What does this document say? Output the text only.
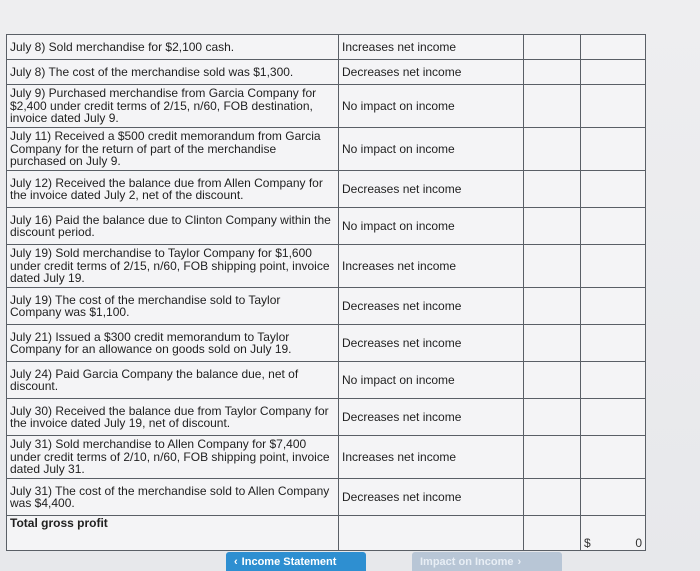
July 8) Sold merchandise for $2,100 cash.	Increases net income		
July 8) The cost of the merchandise sold was $1,300.	Decreases net income		
July 9) Purchased merchandise from Garcia Company for $2,400 under credit terms of 2/15, n/60, FOB destination, invoice dated July 9.	No impact on income		
July 11) Received a $500 credit memorandum from Garcia Company for the return of part of the merchandise purchased on July 9.	No impact on income		
July 12) Received the balance due from Allen Company for the invoice dated July 2, net of the discount.	Decreases net income		
July 16) Paid the balance due to Clinton Company within the discount period.	No impact on income		
July 19) Sold merchandise to Taylor Company for $1,600 under credit terms of 2/15, n/60, FOB shipping point, invoice dated July 19.	Increases net income		
July 19) The cost of the merchandise sold to Taylor Company was $1,100.	Decreases net income		
July 21) Issued a $300 credit memorandum to Taylor Company for an allowance on goods sold on July 19.	Decreases net income		
July 24) Paid Garcia Company the balance due, net of discount.	No impact on income		
July 30) Received the balance due from Taylor Company for the invoice dated July 19, net of discount.	Decreases net income		
July 31) Sold merchandise to Allen Company for $7,400 under credit terms of 2/10, n/60, FOB shipping point, invoice dated July 31.	Increases net income		
July 31) The cost of the merchandise sold to Allen Company was $4,400.	Decreases net income		
Total gross profit			$ 0
‹ Income Statement	Impact on Income ›
